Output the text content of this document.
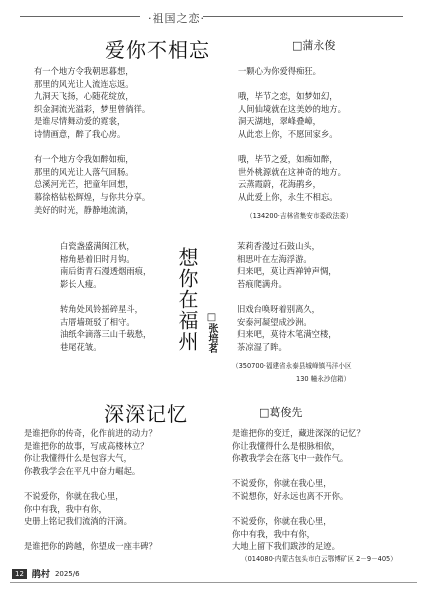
·祖国之恋·
爱你不相忘	□蒲永俊
有一个地方令我朝思暮想，
那里的风光让人流连忘返。
九洞天飞扬，心随花绽放，
织金洞流光溢彩，梦里曾徜徉。
是谁尽情舞动爱的霓裳，
诗情画意，醉了我心房。
有一个地方令我如醉如痴，
那里的风光让人落气回肠。
总溪河光芒，把童年回想，
慕徐格钻松辉煌，与你共分享。
美好的时光，静静地流淌，
一颗心为你爱得痴狂。
哦，毕节之恋，如梦如幻，
人间仙境就在这美妙的地方。
洞天湖地，翠峰叠嶂，
从此恋上你，不愿回家乡。
哦，毕节之爱，如痴如醉，
世外桃源就在这神奇的地方。
云蒸霞蔚，花海鹃乡，
从此爱上你，永生不相忘。
（134200·吉林省集安市委政法委）
白瓷盏盛满闽江秋，
榕角悬着旧时月钩。
南后街青石漫透烟雨痕，
影长人瘦。
转角处风铃摇碎星斗，
古厝墙斑驳了相守。
油纸伞滴落三山千载愁，
巷尾花皱。	想你在福州 □张培茗
茉莉香漫过石鼓山头，
相思叶在左海浮游。
归来吧，莫让西禅钟声惆，
苔痕爬满舟。
旧戏台唤呀着别离久，
安泰河凝望成沙洲。
归来吧，莫待木笔满空楼，
茶凉湿了眸。
（350700·福建省永泰县城峰镇马洋小区
130 幢永沙信箱）
深深记忆	□葛俊先
是谁把你的传奇，化作前进的动力？
是谁把你的故事，写成高楼林立？
你让我懂得什么是包容大气，
你教我学会在平凡中奋力崛起。
不说爱你，你就在我心里，
你中有我，我中有你，
史册上铭记我们流淌的汗滴。
是谁把你的跨越，你望成一座丰碑？
是谁把你的变迁，藏进深深的记忆？
你让我懂得什么是根脉相依，
你教我学会在落飞中一鼓作气。
不说爱你，你就在我心里，
不说想你，好永远也离不开你。
不说爱你，你就在我心里，
你中有我，我中有你，
大地上留下我们跋涉的足迹。
（014080·内蒙古包头市白云鄂博矿区 2－9－405）
12 鹃村 2025/6
